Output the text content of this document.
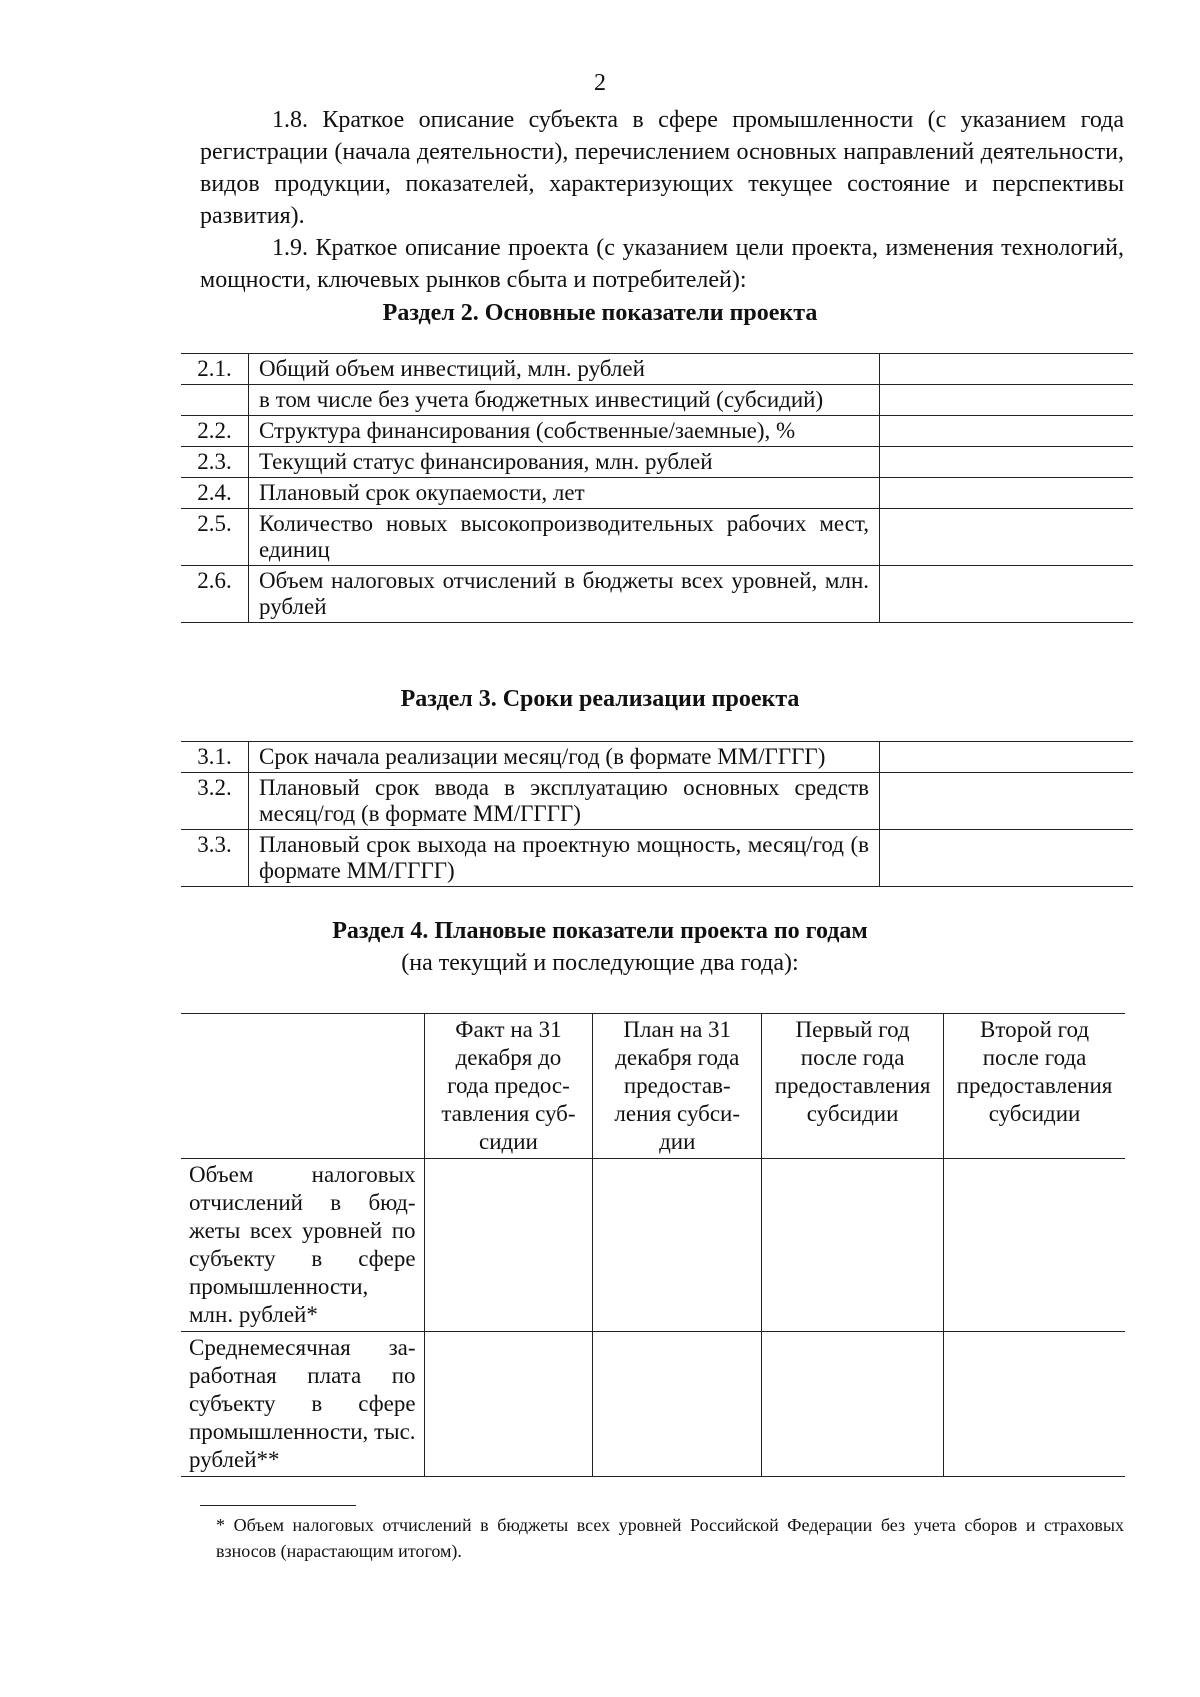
2

1.8. Краткое описание субъекта в сфере промышленности (с указанием года регистрации (начала деятельности), перечислением основных направлений деятельности, видов продукции, показателей, характеризующих текущее состояние и перспективы развития).

1.9. Краткое описание проекта (с указанием цели проекта, изменения технологий, мощности, ключевых рынков сбыта и потребителей):

Раздел 2. Основные показатели проекта

2.1.	Общий объем инвестиций, млн. рублей	
	в том числе без учета бюджетных инвестиций (субсидий)	
2.2.	Структура финансирования (собственные/заемные), %	
2.3.	Текущий статус финансирования, млн. рублей	
2.4.	Плановый срок окупаемости, лет	
2.5.	Количество новых высокопроизводительных рабочих мест, единиц	
2.6.	Объем налоговых отчислений в бюджеты всех уровней, млн. рублей	

Раздел 3. Сроки реализации проекта

3.1.	Срок начала реализации месяц/год (в формате ММ/ГГГГ)	
3.2.	Плановый срок ввода в эксплуатацию основных средств месяц/год (в формате ММ/ГГГГ)	
3.3.	Плановый срок выхода на проектную мощность, месяц/год (в формате ММ/ГГГГ)	

Раздел 4. Плановые показатели проекта по годам

(на текущий и последующие два года):

	Факт на 31 декабря до года предоставления субсидии	План на 31 декабря года предоставления субсидии	Первый год после года предоставления субсидии	Второй год после года предоставления субсидии
Объем налоговых отчислений в бюджеты всех уровней по субъекту в сфере промышленности, млн. рублей*				
Среднемесячная заработная плата по субъекту в сфере промышленности, тыс. рублей**				

* Объем налоговых отчислений в бюджеты всех уровней Российской Федерации без учета сборов и страховых взносов (нарастающим итогом).
